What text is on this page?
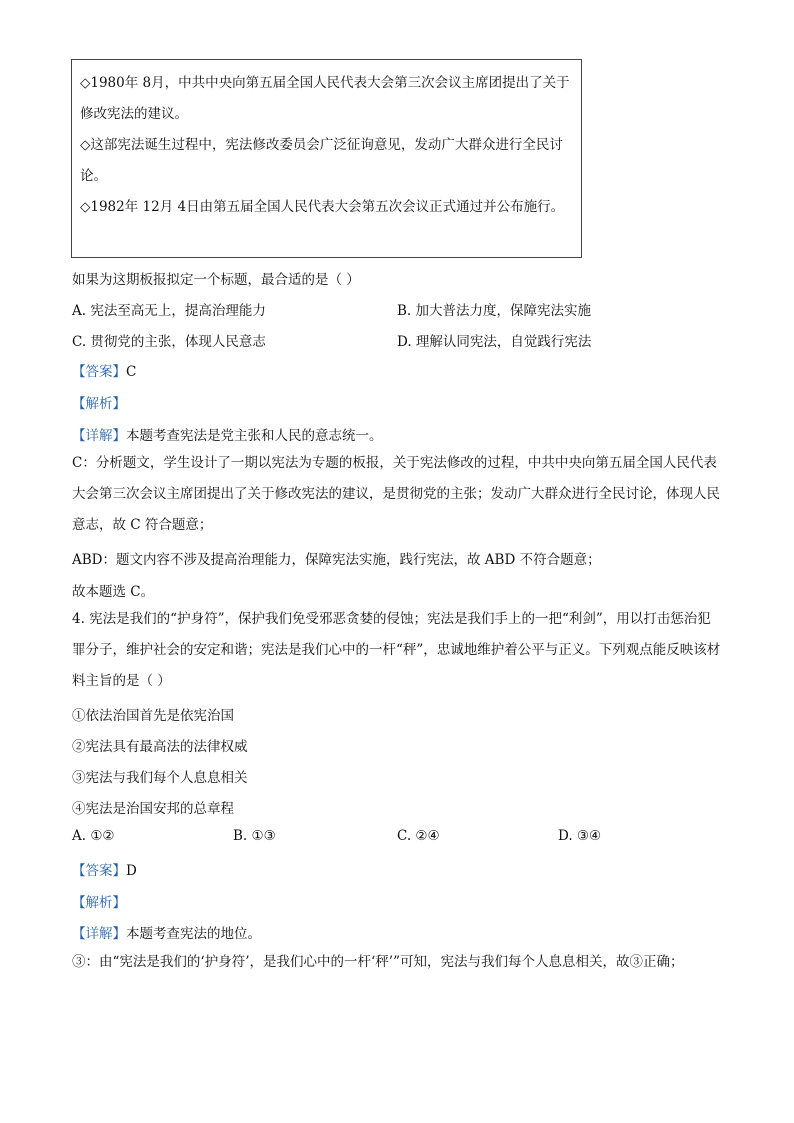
◇1980年 8月，中共中央向第五届全国人民代表大会第三次会议主席团提出了关于修改宪法的建议。

◇这部宪法诞生过程中，宪法修改委员会广泛征询意见，发动广大群众进行全民讨论。

◇1982年 12月 4日由第五届全国人民代表大会第五次会议正式通过并公布施行。

如果为这期板报拟定一个标题，最合适的是（ ）

A. 宪法至高无上，提高治理能力	B. 加大普法力度，保障宪法实施
C. 贯彻党的主张，体现人民意志	D. 理解认同宪法，自觉践行宪法

【答案】C

【解析】

【详解】本题考查宪法是党主张和人民的意志统一。

C：分析题文，学生设计了一期以宪法为专题的板报，关于宪法修改的过程，中共中央向第五届全国人民代表大会第三次会议主席团提出了关于修改宪法的建议，是贯彻党的主张；发动广大群众进行全民讨论，体现人民意志，故 C 符合题意；

ABD：题文内容不涉及提高治理能力，保障宪法实施，践行宪法，故 ABD 不符合题意；

故本题选 C。

4. 宪法是我们的“护身符”，保护我们免受邪恶贪婪的侵蚀；宪法是我们手上的一把“利剑”，用以打击惩治犯罪分子，维护社会的安定和谐；宪法是我们心中的一杆“秤”，忠诚地维护着公平与正义。下列观点能反映该材料主旨的是（ ）

①依法治国首先是依宪治国

②宪法具有最高法的法律权威

③宪法与我们每个人息息相关

④宪法是治国安邦的总章程

A. ①②	B. ①③	C. ②④	D. ③④

【答案】D

【解析】

【详解】本题考查宪法的地位。

③：由“宪法是我们的‘护身符’，是我们心中的一杆‘秤’”可知，宪法与我们每个人息息相关，故③正确；
